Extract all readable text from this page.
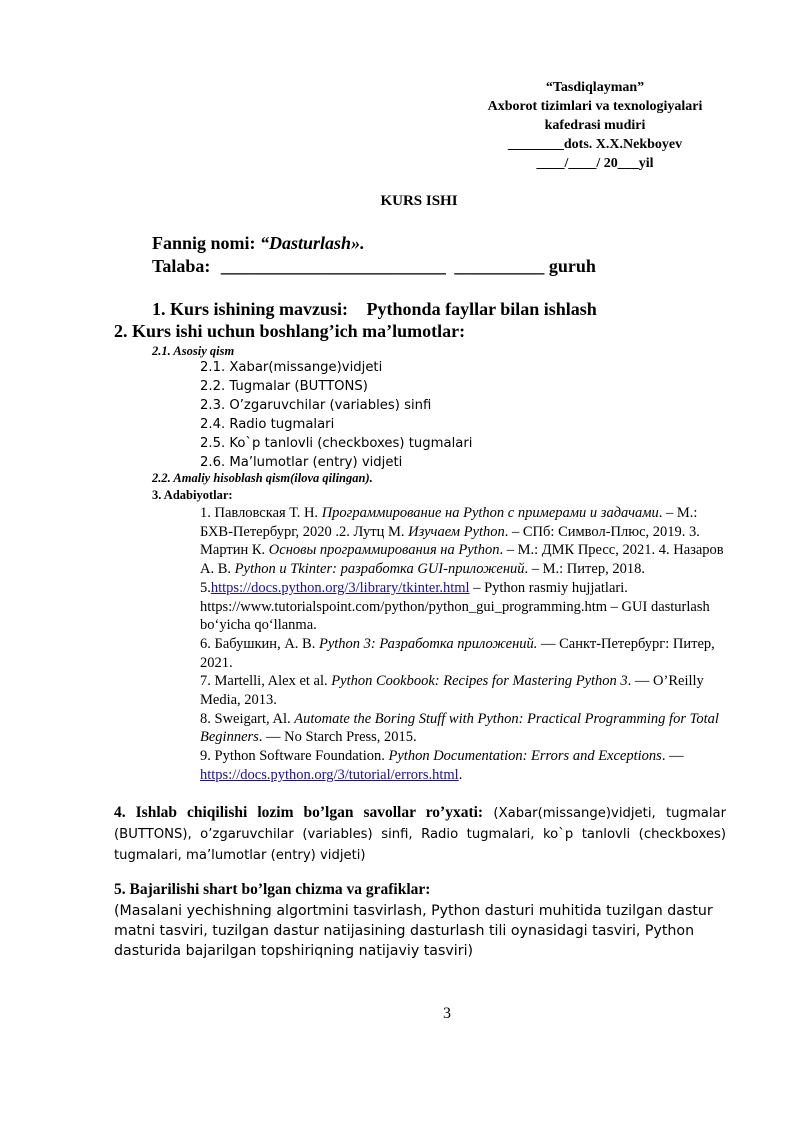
“Tasdiqlayman”
Axborot tizimlari va texnologiyalari
kafedrasi mudiri
________dots. X.X.Nekboyev
____/____/ 20___yil
KURS ISHI
Fannig nomi: “Dasturlash».
Talaba: _________________________ __________ guruh
1. Kurs ishining mavzusi: Pythonda fayllar bilan ishlash
2. Kurs ishi uchun boshlang’ich ma’lumotlar:
2.1. Asosiy qism
2.1. Xabar(missange)vidjeti
2.2. Tugmalar (BUTTONS)
2.3. O’zgaruvchilar (variables) sinfi
2.4. Radio tugmalari
2.5. Ko`p tanlovli (checkboxes) tugmalari
2.6. Ma’lumotlar (entry) vidjeti
2.2. Amaliy hisoblash qism(ilova qilingan).
3. Adabiyotlar:

1. Павловская Т. Н. Программирование на Python с примерами и задачами. – М.: БХВ-Петербург, 2020 .2. Лутц М. Изучаем Python. – СПб: Символ-Плюс, 2019. 3. Мартин К. Основы программирования на Python. – М.: ДМК Пресс, 2021. 4. Назаров А. В. Python и Tkinter: разработка GUI-приложений. – М.: Питер, 2018.

5.https://docs.python.org/3/library/tkinter.html – Python rasmiy hujjatlari. https://www.tutorialspoint.com/python/python_gui_programming.htm – GUI dasturlash bo‘yicha qo‘llanma.

6. Бабушкин, А. В. Python 3: Разработка приложений. — Санкт-Петербург: Питер, 2021.

7. Martelli, Alex et al. Python Cookbook: Recipes for Mastering Python 3. — O’Reilly Media, 2013.

8. Sweigart, Al. Automate the Boring Stuff with Python: Practical Programming for Total Beginners. — No Starch Press, 2015.

9. Python Software Foundation. Python Documentation: Errors and Exceptions. — https://docs.python.org/3/tutorial/errors.html.

4. Ishlab chiqilishi lozim bo’lgan savollar ro’yxati: (Xabar(missange)vidjeti, tugmalar (BUTTONS), o’zgaruvchilar (variables) sinfi, Radio tugmalari, ko`p tanlovli (checkboxes) tugmalari, ma’lumotlar (entry) vidjeti)
5. Bajarilishi shart bo’lgan chizma va grafiklar:
(Masalani yechishning algortmini tasvirlash, Python dasturi muhitida tuzilgan dastur matni tasviri, tuzilgan dastur natijasining dasturlash tili oynasidagi tasviri, Python dasturida bajarilgan topshiriqning natijaviy tasviri)
3
